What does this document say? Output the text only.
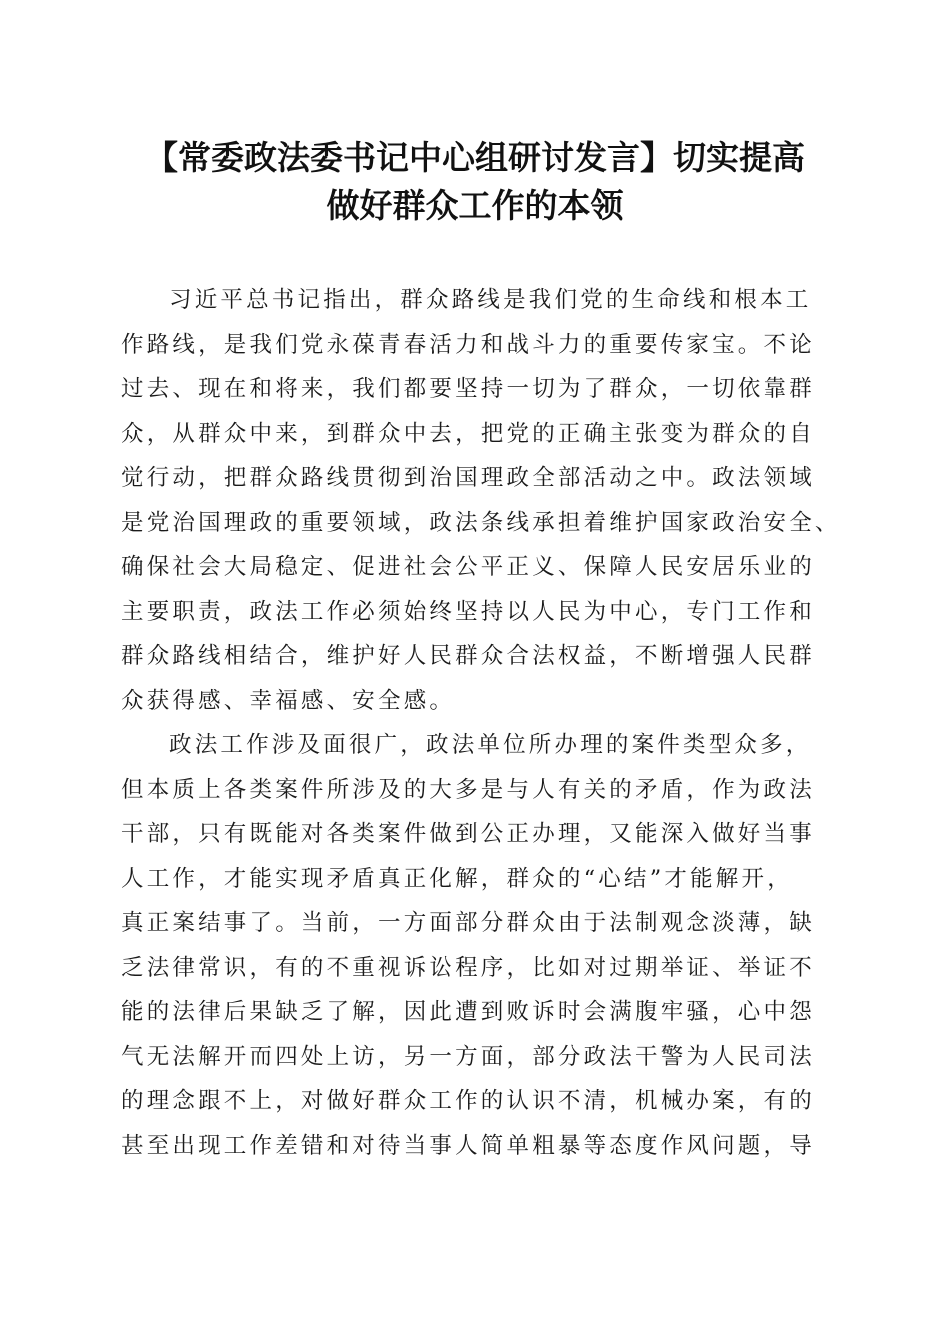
【常委政法委书记中心组研讨发言】切实提高
做好群众工作的本领

习近平总书记指出，群众路线是我们党的生命线和根本工
作路线，是我们党永葆青春活力和战斗力的重要传家宝。不论
过去、现在和将来，我们都要坚持一切为了群众，一切依靠群
众，从群众中来，到群众中去，把党的正确主张变为群众的自
觉行动，把群众路线贯彻到治国理政全部活动之中。政法领域
是党治国理政的重要领域，政法条线承担着维护国家政治安全、
确保社会大局稳定、促进社会公平正义、保障人民安居乐业的
主要职责，政法工作必须始终坚持以人民为中心，专门工作和
群众路线相结合，维护好人民群众合法权益，不断增强人民群
众获得感、幸福感、安全感。

政法工作涉及面很广，政法单位所办理的案件类型众多，
但本质上各类案件所涉及的大多是与人有关的矛盾，作为政法
干部，只有既能对各类案件做到公正办理，又能深入做好当事
人工作，才能实现矛盾真正化解，群众的“心结”才能解开，
真正案结事了。当前，一方面部分群众由于法制观念淡薄，缺
乏法律常识，有的不重视诉讼程序，比如对过期举证、举证不
能的法律后果缺乏了解，因此遭到败诉时会满腹牢骚，心中怨
气无法解开而四处上访，另一方面，部分政法干警为人民司法
的理念跟不上，对做好群众工作的认识不清，机械办案，有的
甚至出现工作差错和对待当事人简单粗暴等态度作风问题，导
